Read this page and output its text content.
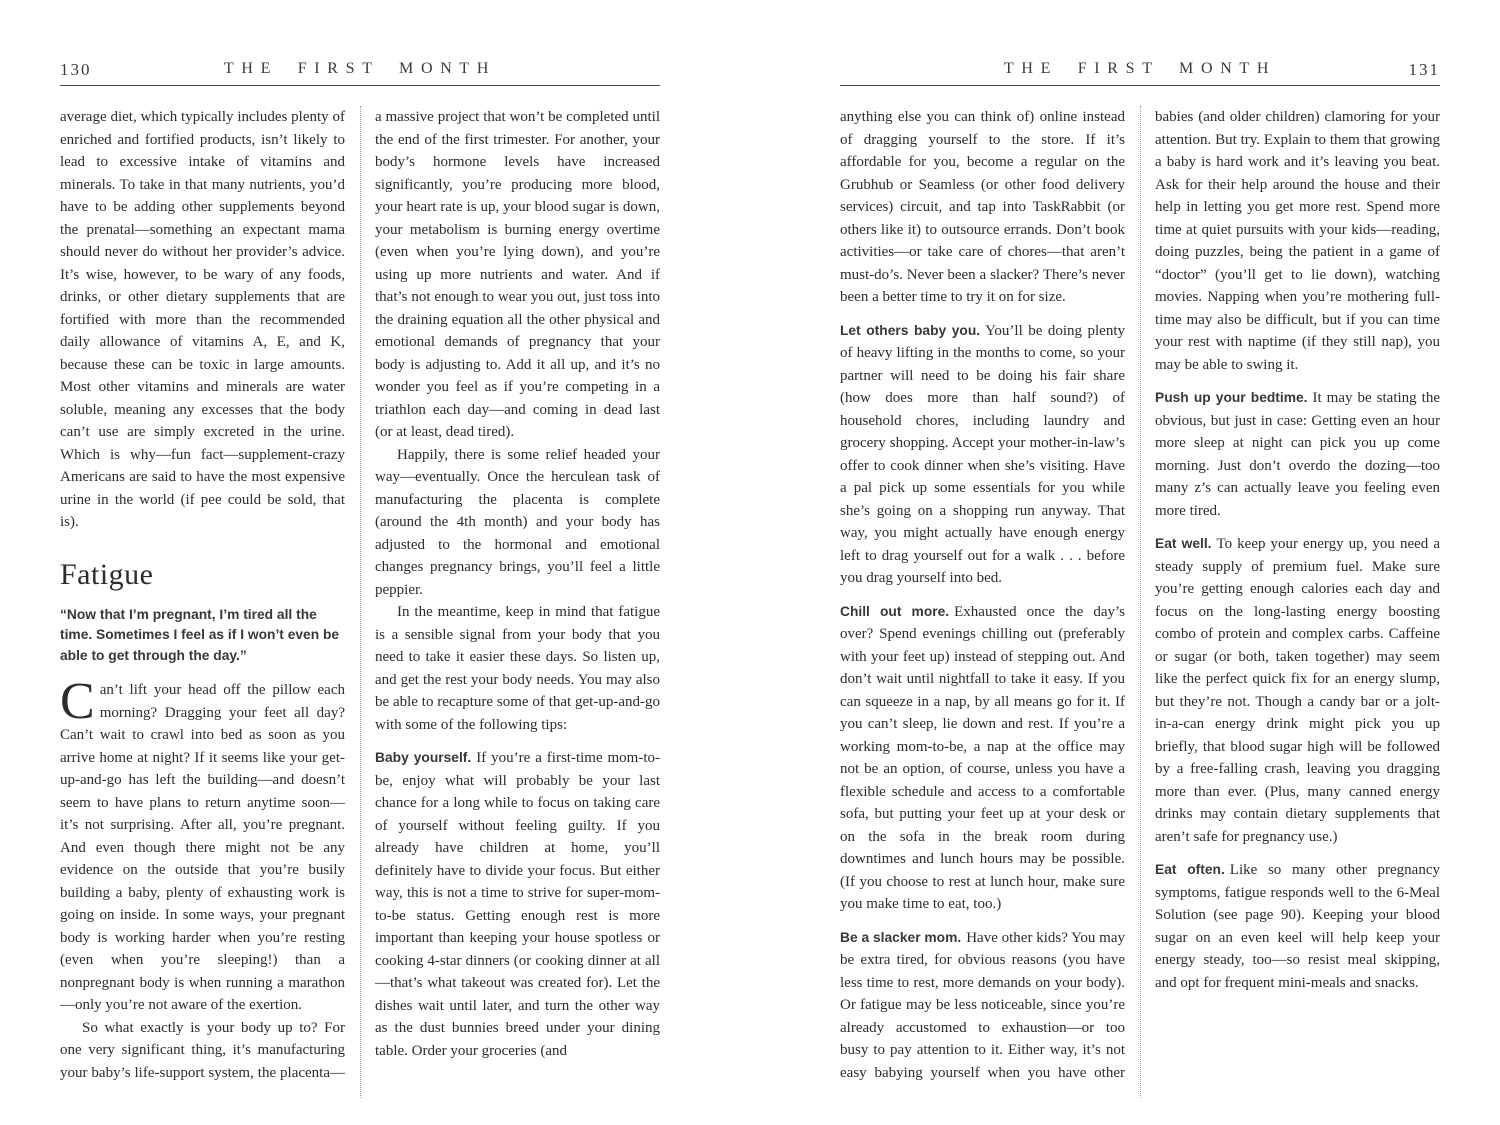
130	THE FIRST MONTH

average diet, which typically includes plenty of enriched and fortified products, isn’t likely to lead to excessive intake of vitamins and minerals. To take in that many nutrients, you’d have to be adding other supplements beyond the prenatal—something an expectant mama should never do without her provider’s advice. It’s wise, however, to be wary of any foods, drinks, or other dietary supplements that are fortified with more than the recommended daily allowance of vitamins A, E, and K, because these can be toxic in large amounts. Most other vitamins and minerals are water soluble, meaning any excesses that the body can’t use are simply excreted in the urine. Which is why—fun fact—supplement-crazy Americans are said to have the most expensive urine in the world (if pee could be sold, that is).

Fatigue

“Now that I’m pregnant, I’m tired all the time. Sometimes I feel as if I won’t even be able to get through the day.”

Can’t lift your head off the pillow each morning? Dragging your feet all day? Can’t wait to crawl into bed as soon as you arrive home at night? If it seems like your get-up-and-go has left the building—and doesn’t seem to have plans to return anytime soon—it’s not surprising. After all, you’re pregnant. And even though there might not be any evidence on the outside that you’re busily building a baby, plenty of exhausting work is going on inside. In some ways, your pregnant body is working harder when you’re resting (even when you’re sleeping!) than a nonpregnant body is when running a marathon—only you’re not aware of the exertion.

So what exactly is your body up to? For one very significant thing, it’s manufacturing your baby’s life-support system, the placenta—a massive project that won’t be completed until the end of the first trimester. For another, your body’s hormone levels have increased significantly, you’re producing more blood, your heart rate is up, your blood sugar is down, your metabolism is burning energy overtime (even when you’re lying down), and you’re using up more nutrients and water. And if that’s not enough to wear you out, just toss into the draining equation all the other physical and emotional demands of pregnancy that your body is adjusting to. Add it all up, and it’s no wonder you feel as if you’re competing in a triathlon each day—and coming in dead last (or at least, dead tired).

Happily, there is some relief headed your way—eventually. Once the herculean task of manufacturing the placenta is complete (around the 4th month) and your body has adjusted to the hormonal and emotional changes pregnancy brings, you’ll feel a little peppier.

In the meantime, keep in mind that fatigue is a sensible signal from your body that you need to take it easier these days. So listen up, and get the rest your body needs. You may also be able to recapture some of that get-up-and-go with some of the following tips:

Baby yourself. If you’re a first-time mom-to-be, enjoy what will probably be your last chance for a long while to focus on taking care of yourself without feeling guilty. If you already have children at home, you’ll definitely have to divide your focus. But either way, this is not a time to strive for super-mom-to-be status. Getting enough rest is more important than keeping your house spotless or cooking 4-star dinners (or cooking dinner at all—that’s what takeout was created for). Let the dishes wait until later, and turn the other way as the dust bunnies breed under your dining table. Order your groceries (and

THE FIRST MONTH	131

anything else you can think of) online instead of dragging yourself to the store. If it’s affordable for you, become a regular on the Grubhub or Seamless (or other food delivery services) circuit, and tap into TaskRabbit (or others like it) to outsource errands. Don’t book activities—or take care of chores—that aren’t must-do’s. Never been a slacker? There’s never been a better time to try it on for size.

Let others baby you. You’ll be doing plenty of heavy lifting in the months to come, so your partner will need to be doing his fair share (how does more than half sound?) of household chores, including laundry and grocery shopping. Accept your mother-in-law’s offer to cook dinner when she’s visiting. Have a pal pick up some essentials for you while she’s going on a shopping run anyway. That way, you might actually have enough energy left to drag yourself out for a walk . . . before you drag yourself into bed.

Chill out more. Exhausted once the day’s over? Spend evenings chilling out (preferably with your feet up) instead of stepping out. And don’t wait until nightfall to take it easy. If you can squeeze in a nap, by all means go for it. If you can’t sleep, lie down and rest. If you’re a working mom-to-be, a nap at the office may not be an option, of course, unless you have a flexible schedule and access to a comfortable sofa, but putting your feet up at your desk or on the sofa in the break room during downtimes and lunch hours may be possible. (If you choose to rest at lunch hour, make sure you make time to eat, too.)

Be a slacker mom. Have other kids? You may be extra tired, for obvious reasons (you have less time to rest, more demands on your body). Or fatigue may be less noticeable, since you’re already accustomed to exhaustion—or too busy to pay attention to it. Either way, it’s not easy babying yourself when you have other babies (and older children) clamoring for your attention. But try. Explain to them that growing a baby is hard work and it’s leaving you beat. Ask for their help around the house and their help in letting you get more rest. Spend more time at quiet pursuits with your kids—reading, doing puzzles, being the patient in a game of “doctor” (you’ll get to lie down), watching movies. Napping when you’re mothering full-time may also be difficult, but if you can time your rest with naptime (if they still nap), you may be able to swing it.

Push up your bedtime. It may be stating the obvious, but just in case: Getting even an hour more sleep at night can pick you up come morning. Just don’t overdo the dozing—too many z’s can actually leave you feeling even more tired.

Eat well. To keep your energy up, you need a steady supply of premium fuel. Make sure you’re getting enough calories each day and focus on the long-lasting energy boosting combo of protein and complex carbs. Caffeine or sugar (or both, taken together) may seem like the perfect quick fix for an energy slump, but they’re not. Though a candy bar or a jolt-in-a-can energy drink might pick you up briefly, that blood sugar high will be followed by a free-falling crash, leaving you dragging more than ever. (Plus, many canned energy drinks may contain dietary supplements that aren’t safe for pregnancy use.)

Eat often. Like so many other pregnancy symptoms, fatigue responds well to the 6-Meal Solution (see page 90). Keeping your blood sugar on an even keel will help keep your energy steady, too—so resist meal skipping, and opt for frequent mini-meals and snacks.
